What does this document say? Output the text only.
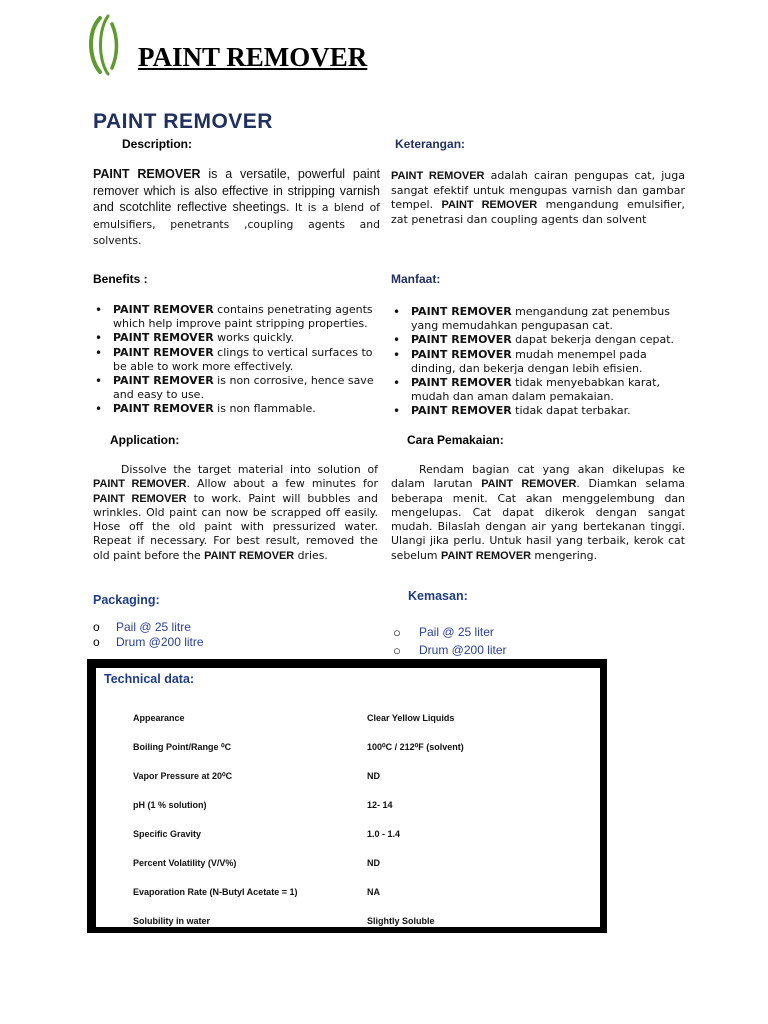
PAINT REMOVER
PAINT REMOVER
Description:
PAINT REMOVER is a versatile, powerful paint remover which is also effective in stripping varnish and scotchlite reflective sheetings. It is a blend of emulsifiers, penetrants ,coupling agents and solvents.
Keterangan:
PAINT REMOVER adalah cairan pengupas cat, juga sangat efektif untuk mengupas varnish dan gambar tempel. PAINT REMOVER mengandung emulsifier, zat penetrasi dan coupling agents dan solvent
Benefits :
• PAINT REMOVER contains penetrating agents which help improve paint stripping properties.
• PAINT REMOVER works quickly.
• PAINT REMOVER clings to vertical surfaces to be able to work more effectively.
• PAINT REMOVER is non corrosive, hence save and easy to use.
• PAINT REMOVER is non flammable.
Manfaat:
• PAINT REMOVER mengandung zat penembus yang memudahkan pengupasan cat.
• PAINT REMOVER dapat bekerja dengan cepat.
• PAINT REMOVER mudah menempel pada dinding, dan bekerja dengan lebih efisien.
• PAINT REMOVER tidak menyebabkan karat, mudah dan aman dalam pemakaian.
• PAINT REMOVER tidak dapat terbakar.
Application:
Dissolve the target material into solution of PAINT REMOVER. Allow about a few minutes for PAINT REMOVER to work. Paint will bubbles and wrinkles. Old paint can now be scrapped off easily. Hose off the old paint with pressurized water. Repeat if necessary. For best result, removed the old paint before the PAINT REMOVER dries.
Cara Pemakaian:
Rendam bagian cat yang akan dikelupas ke dalam larutan PAINT REMOVER. Diamkan selama beberapa menit. Cat akan menggelembung dan mengelupas. Cat dapat dikerok dengan sangat mudah. Bilaslah dengan air yang bertekanan tinggi. Ulangi jika perlu. Untuk hasil yang terbaik, kerok cat sebelum PAINT REMOVER mengering.
Packaging:
o Pail @ 25 litre
o Drum @200 litre
Kemasan:
○ Pail @ 25 liter
○ Drum @200 liter
Technical data:
Appearance	Clear Yellow Liquids
Boiling Point/Range ⁰C	100⁰C / 212⁰F (solvent)
Vapor Pressure at 20⁰C	ND
pH (1 % solution)	12- 14
Specific Gravity	1.0 - 1.4
Percent Volatility (V/V%)	ND
Evaporation Rate (N-Butyl Acetate = 1)	NA
Solubility in water	Slightly Soluble
